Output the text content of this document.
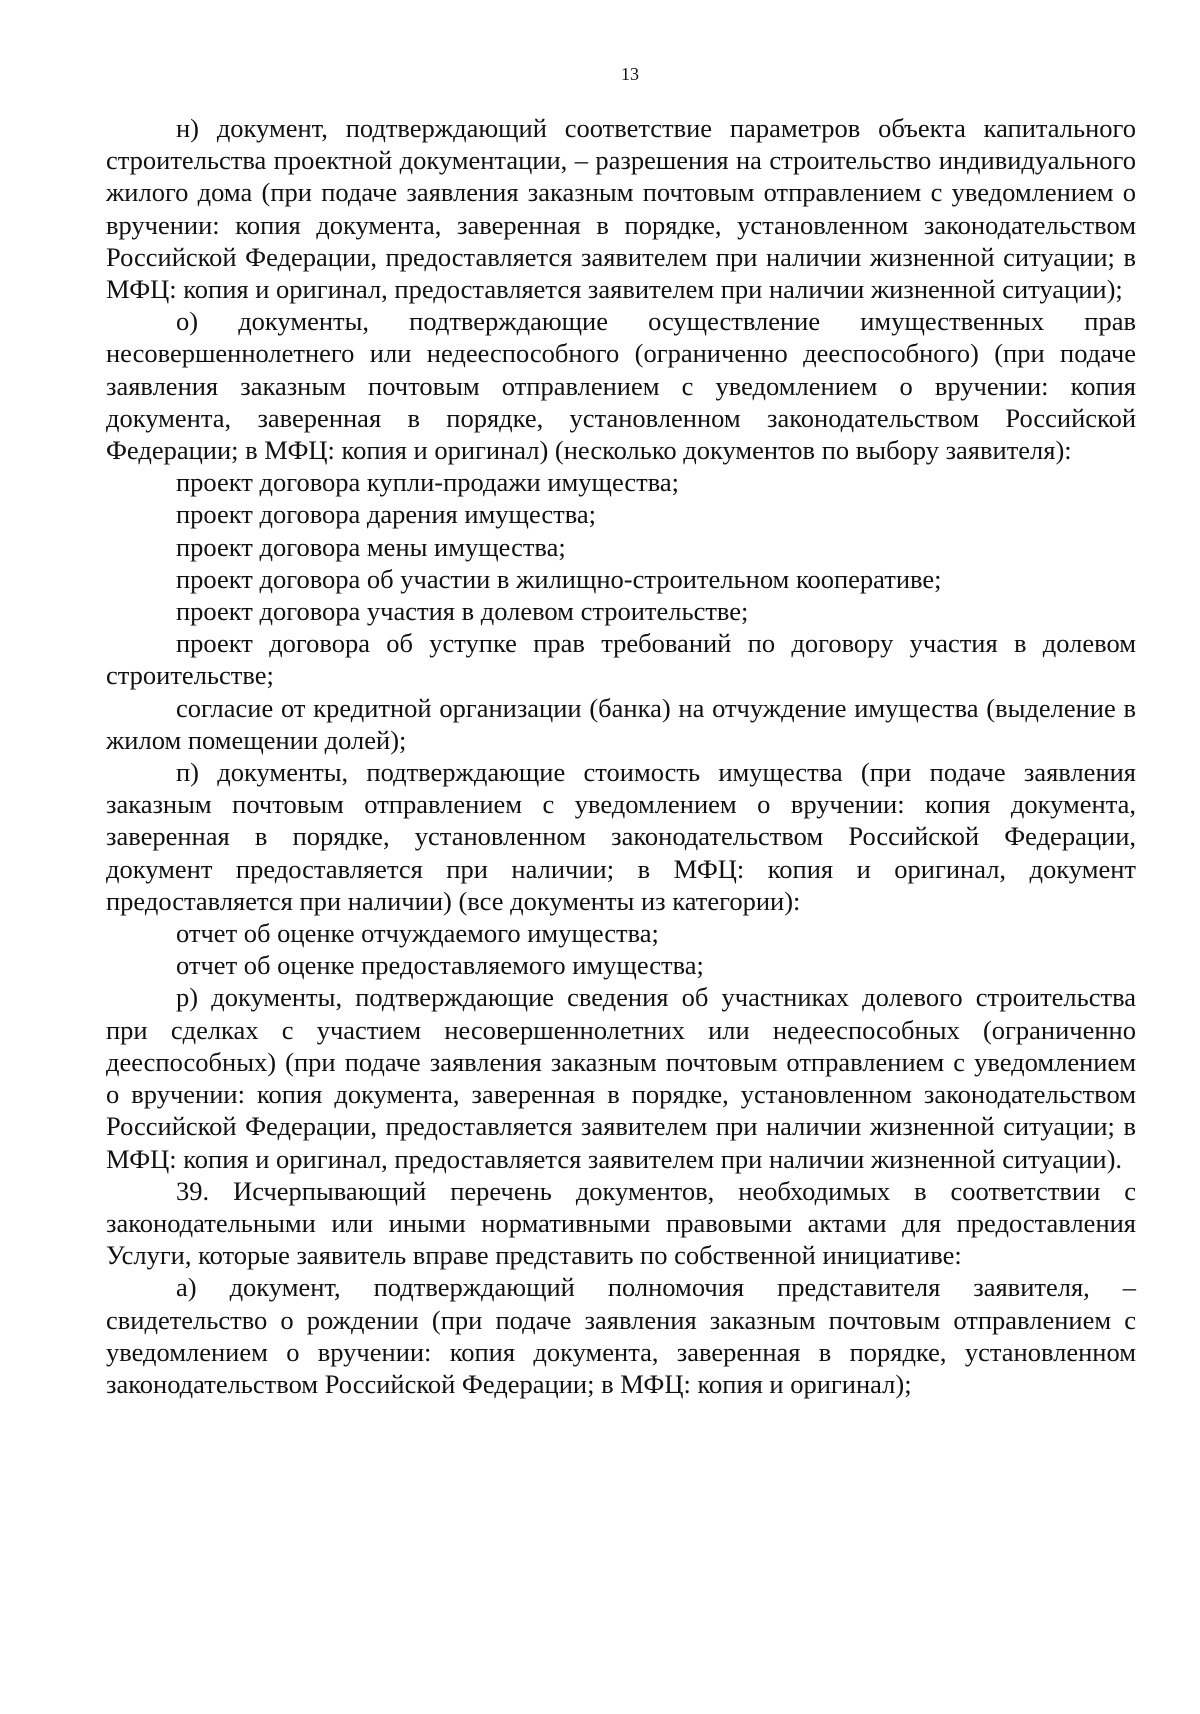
13

н) документ, подтверждающий соответствие параметров объекта капитального строительства проектной документации, – разрешения на строительство индивидуального жилого дома (при подаче заявления заказным почтовым отправлением с уведомлением о вручении: копия документа, заверенная в порядке, установленном законодательством Российской Федерации, предоставляется заявителем при наличии жизненной ситуации; в МФЦ: копия и оригинал, предоставляется заявителем при наличии жизненной ситуации);

о) документы, подтверждающие осуществление имущественных прав несовершеннолетнего или недееспособного (ограниченно дееспособного) (при подаче заявления заказным почтовым отправлением с уведомлением о вручении: копия документа, заверенная в порядке, установленном законодательством Российской Федерации; в МФЦ: копия и оригинал) (несколько документов по выбору заявителя):

проект договора купли-продажи имущества;

проект договора дарения имущества;

проект договора мены имущества;

проект договора об участии в жилищно-строительном кооперативе;

проект договора участия в долевом строительстве;

проект договора об уступке прав требований по договору участия в долевом строительстве;

согласие от кредитной организации (банка) на отчуждение имущества (выделение в жилом помещении долей);

п) документы, подтверждающие стоимость имущества (при подаче заявления заказным почтовым отправлением с уведомлением о вручении: копия документа, заверенная в порядке, установленном законодательством Российской Федерации, документ предоставляется при наличии; в МФЦ: копия и оригинал, документ предоставляется при наличии) (все документы из категории):

отчет об оценке отчуждаемого имущества;

отчет об оценке предоставляемого имущества;

р) документы, подтверждающие сведения об участниках долевого строительства при сделках с участием несовершеннолетних или недееспособных (ограниченно дееспособных) (при подаче заявления заказным почтовым отправлением с уведомлением о вручении: копия документа, заверенная в порядке, установленном законодательством Российской Федерации, предоставляется заявителем при наличии жизненной ситуации; в МФЦ: копия и оригинал, предоставляется заявителем при наличии жизненной ситуации).

39. Исчерпывающий перечень документов, необходимых в соответствии с законодательными или иными нормативными правовыми актами для предоставления Услуги, которые заявитель вправе представить по собственной инициативе:

а) документ, подтверждающий полномочия представителя заявителя, – свидетельство о рождении (при подаче заявления заказным почтовым отправлением с уведомлением о вручении: копия документа, заверенная в порядке, установленном законодательством Российской Федерации; в МФЦ: копия и оригинал);
